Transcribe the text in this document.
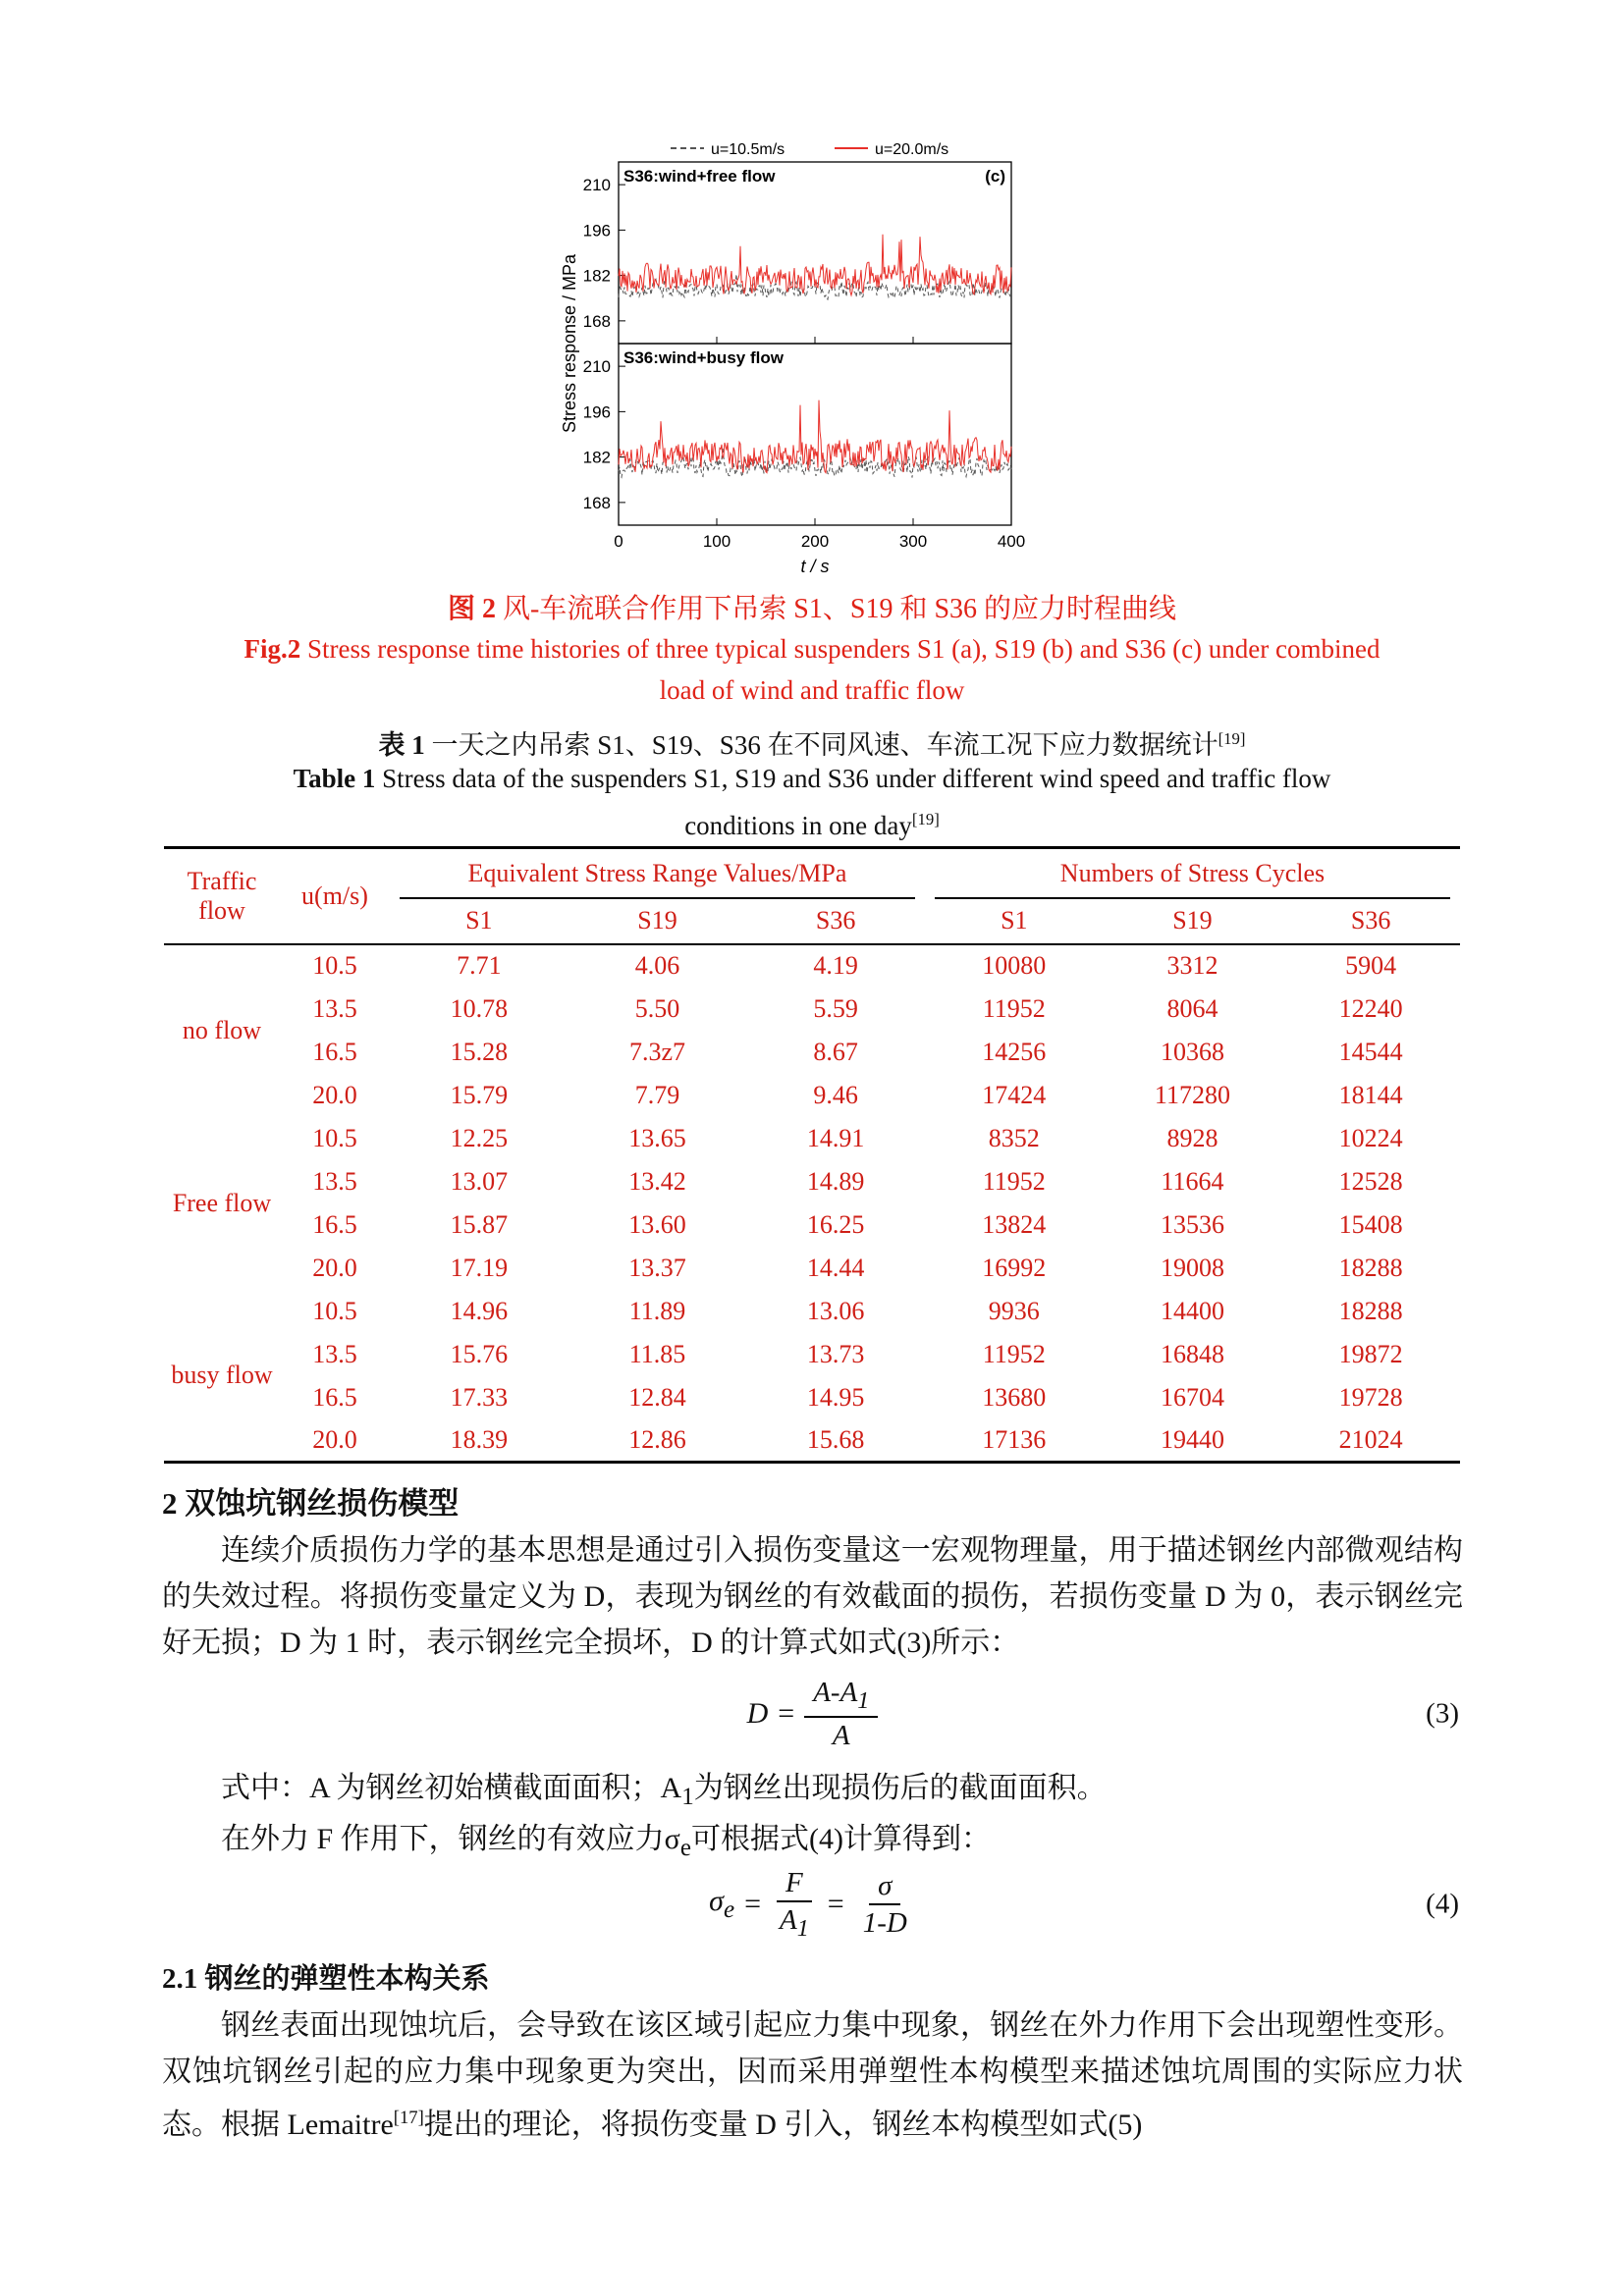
u=10.5m/s	u=20.0m/s
168
182
196
210 S36:wind+free flow	(c)
168
182
196
210 S36:wind+busy flow
0	100	200	300	400
t / s
Stress response / MPa

图 2 风-车流联合作用下吊索 S1、S19 和 S36 的应力时程曲线

Fig.2 Stress response time histories of three typical suspenders S1 (a), S19 (b) and S36 (c) under combined load of wind and traffic flow

表 1 一天之内吊索 S1、S19、S36 在不同风速、车流工况下应力数据统计[19]

Table 1 Stress data of the suspenders S1, S19 and S36 under different wind speed and traffic flow conditions in one day[19]

Traffic flow	u(m/s)	Equivalent Stress Range Values/MPa			Numbers of Stress Cycles		
		S1	S19	S36	S1	S19	S36
no flow	10.5	7.71	4.06	4.19	10080	3312	5904
	13.5	10.78	5.50	5.59	11952	8064	12240
	16.5	15.28	7.3z7	8.67	14256	10368	14544
	20.0	15.79	7.79	9.46	17424	117280	18144
Free flow	10.5	12.25	13.65	14.91	8352	8928	10224
	13.5	13.07	13.42	14.89	11952	11664	12528
	16.5	15.87	13.60	16.25	13824	13536	15408
	20.0	17.19	13.37	14.44	16992	19008	18288
busy flow	10.5	14.96	11.89	13.06	9936	14400	18288
	13.5	15.76	11.85	13.73	11952	16848	19872
	16.5	17.33	12.84	14.95	13680	16704	19728
	20.0	18.39	12.86	15.68	17136	19440	21024
2 双蚀坑钢丝损伤模型

连续介质损伤力学的基本思想是通过引入损伤变量这一宏观物理量，用于描述钢丝内部微观结构的失效过程。将损伤变量定义为 D，表现为钢丝的有效截面的损伤，若损伤变量 D 为 0，表示钢丝完好无损；D 为 1 时，表示钢丝完全损坏，D 的计算式如式(3)所示：

$D = \frac{A-A_1}{A}$	(3)

式中：A 为钢丝初始横截面面积；$A_1$为钢丝出现损伤后的截面面积。

在外力 F 作用下，钢丝的有效应力$\sigma_e$可根据式(4)计算得到：

$\sigma_e = \frac{F}{A_1} = \frac{\sigma}{1-D}$	(4)
2.1 钢丝的弹塑性本构关系

钢丝表面出现蚀坑后，会导致在该区域引起应力集中现象，钢丝在外力作用下会出现塑性变形。双蚀坑钢丝引起的应力集中现象更为突出，因而采用弹塑性本构模型来描述蚀坑周围的实际应力状态。根据 Lemaitre[17]提出的理论，将损伤变量 D 引入，钢丝本构模型如式(5)
